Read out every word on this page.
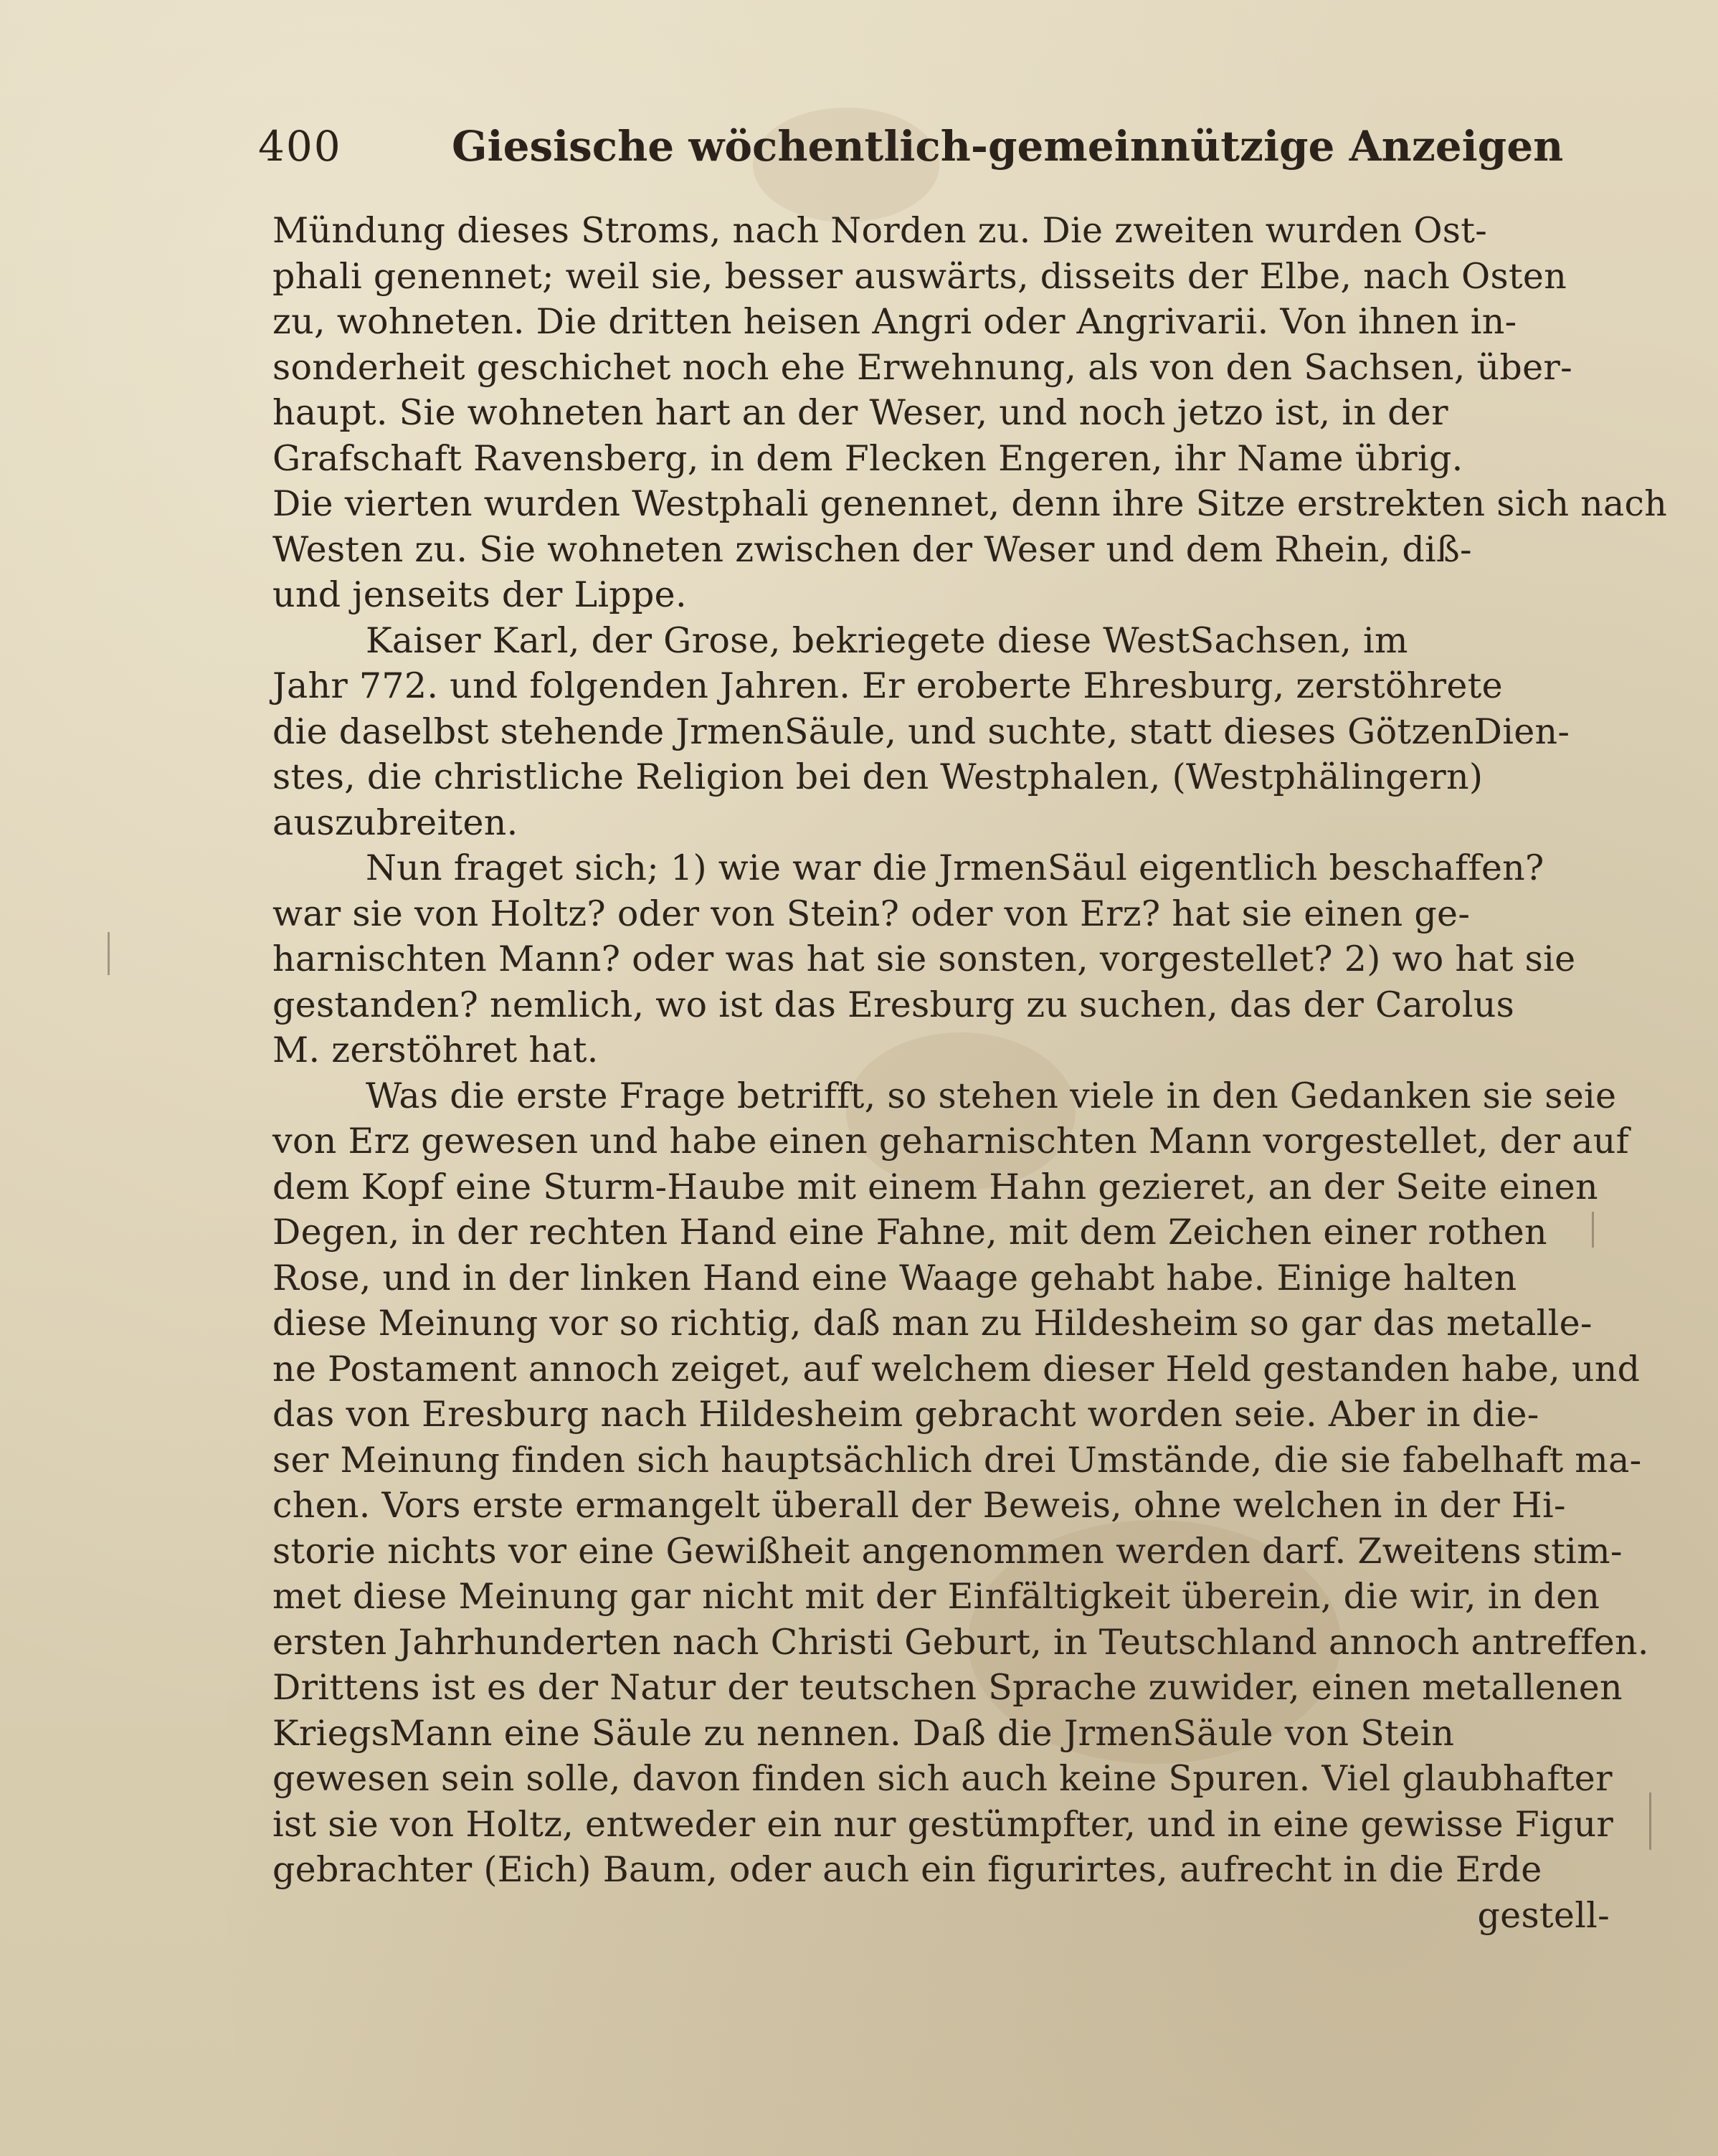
400	Giesische wöchentlich-gemeinnützige Anzeigen
Mündung dieses Stroms, nach Norden zu. Die zweiten wurden Ost-
phali genennet; weil sie, besser auswärts, disseits der Elbe, nach Osten
zu, wohneten. Die dritten heisen Angri oder Angrivarii. Von ihnen in-
sonderheit geschichet noch ehe Erwehnung, als von den Sachsen, über-
haupt. Sie wohneten hart an der Weser, und noch jetzo ist, in der
Grafschaft Ravensberg, in dem Flecken Engeren, ihr Name übrig.
Die vierten wurden Westphali genennet, denn ihre Sitze erstrekten sich nach
Westen zu. Sie wohneten zwischen der Weser und dem Rhein, diß-
und jenseits der Lippe.
Kaiser Karl, der Grose, bekriegete diese WestSachsen, im
Jahr 772. und folgenden Jahren. Er eroberte Ehresburg, zerstöhrete
die daselbst stehende JrmenSäule, und suchte, statt dieses GötzenDien-
stes, die christliche Religion bei den Westphalen, (Westphälingern)
auszubreiten.
Nun fraget sich; 1) wie war die JrmenSäul eigentlich beschaffen?
war sie von Holtz? oder von Stein? oder von Erz? hat sie einen ge-
harnischten Mann? oder was hat sie sonsten, vorgestellet? 2) wo hat sie
gestanden? nemlich, wo ist das Eresburg zu suchen, das der Carolus
M. zerstöhret hat.
Was die erste Frage betrifft, so stehen viele in den Gedanken sie seie
von Erz gewesen und habe einen geharnischten Mann vorgestellet, der auf
dem Kopf eine Sturm-Haube mit einem Hahn gezieret, an der Seite einen
Degen, in der rechten Hand eine Fahne, mit dem Zeichen einer rothen
Rose, und in der linken Hand eine Waage gehabt habe. Einige halten
diese Meinung vor so richtig, daß man zu Hildesheim so gar das metalle-
ne Postament annoch zeiget, auf welchem dieser Held gestanden habe, und
das von Eresburg nach Hildesheim gebracht worden seie. Aber in die-
ser Meinung finden sich hauptsächlich drei Umstände, die sie fabelhaft ma-
chen. Vors erste ermangelt überall der Beweis, ohne welchen in der Hi-
storie nichts vor eine Gewißheit angenommen werden darf. Zweitens stim-
met diese Meinung gar nicht mit der Einfältigkeit überein, die wir, in den
ersten Jahrhunderten nach Christi Geburt, in Teutschland annoch antreffen.
Drittens ist es der Natur der teutschen Sprache zuwider, einen metallenen
KriegsMann eine Säule zu nennen. Daß die JrmenSäule von Stein
gewesen sein solle, davon finden sich auch keine Spuren. Viel glaubhafter
ist sie von Holtz, entweder ein nur gestümpfter, und in eine gewisse Figur
gebrachter (Eich) Baum, oder auch ein figurirtes, aufrecht in die Erde
gestell-
